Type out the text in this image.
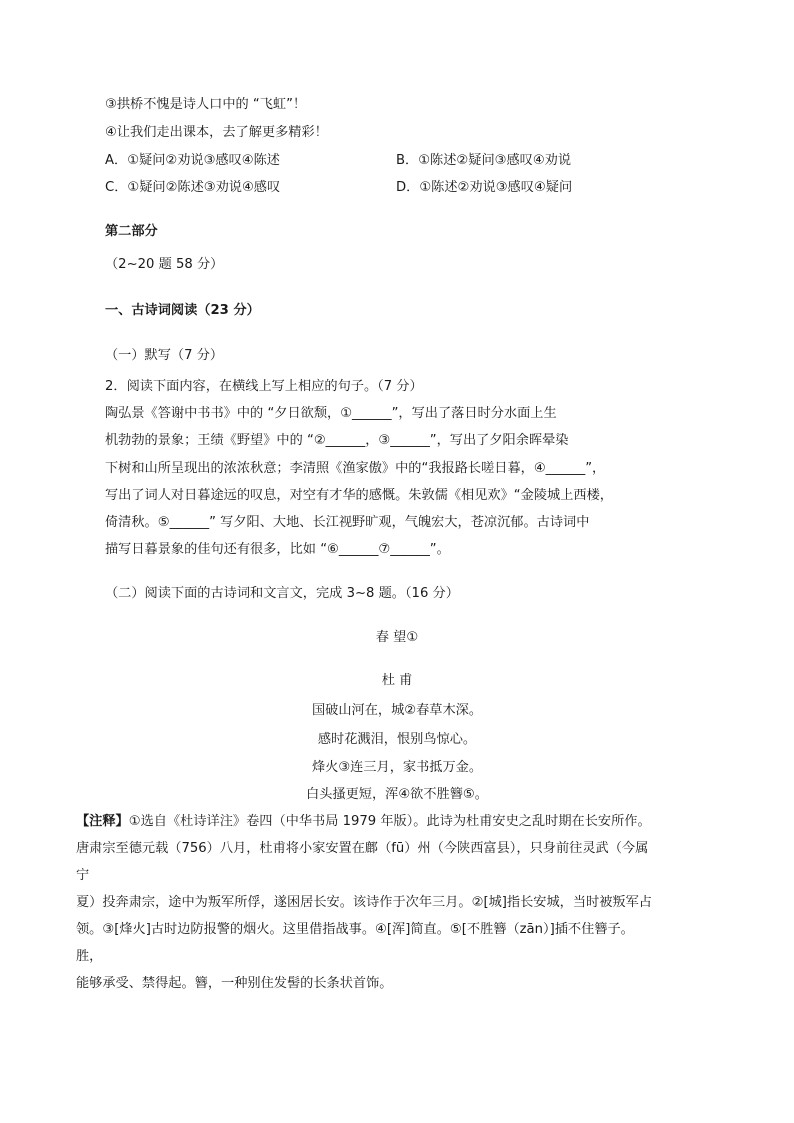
③拱桥不愧是诗人口中的 “飞虹”！
④让我们走出课本，去了解更多精彩！
A．①疑问②劝说③感叹④陈述	B．①陈述②疑问③感叹④劝说
C．①疑问②陈述③劝说④感叹	D．①陈述②劝说③感叹④疑问
第二部分
（2~20 题 58 分）
一、古诗词阅读（23 分）
（一）默写（7 分）
2．阅读下面内容，在横线上写上相应的句子。（7 分）
陶弘景《答谢中书书》中的 “夕日欲颓，①______”，写出了落日时分水面上生
机勃勃的景象；王绩《野望》中的 “②______，③______”，写出了夕阳余晖晕染
下树和山所呈现出的浓浓秋意；李清照《渔家傲》中的“我报路长嗟日暮，④______”，
写出了词人对日暮途远的叹息，对空有才华的感慨。朱敦儒《相见欢》“金陵城上西楼，
倚清秋。⑤______” 写夕阳、大地、长江视野旷观，气魄宏大，苍凉沉郁。古诗词中
描写日暮景象的佳句还有很多，比如 “⑥______⑦______”。
（二）阅读下面的古诗词和文言文，完成 3~8 题。（16 分）
春 望①
杜 甫
国破山河在，城②春草木深。
感时花溅泪，恨别鸟惊心。
烽火③连三月，家书抵万金。
白头搔更短，浑④欲不胜簪⑤。
【注释】①选自《杜诗详注》卷四（中华书局 1979 年版）。此诗为杜甫安史之乱时期在长安所作。
唐肃宗至德元载（756）八月，杜甫将小家安置在鄜（fū）州（今陕西富县），只身前往灵武（今属
宁
夏）投奔肃宗，途中为叛军所俘，遂困居长安。该诗作于次年三月。②[城]指长安城，当时被叛军占
领。③[烽火]古时边防报警的烟火。这里借指战事。④[浑]简直。⑤[不胜簪（zān）]插不住簪子。
胜，
能够承受、禁得起。簪，一种别住发髻的长条状首饰。
